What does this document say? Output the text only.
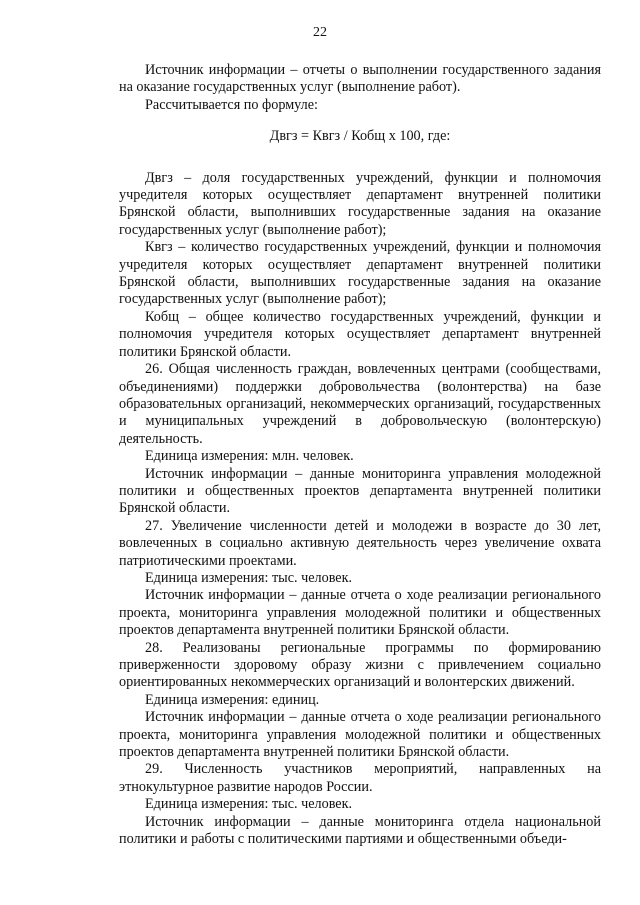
22

Источник информации – отчеты о выполнении государственного задания на оказание государственных услуг (выполнение работ).

Рассчитывается по формуле:

Двгз = Квгз / Кобщ х 100, где:

Двгз – доля государственных учреждений, функции и полномочия учредителя которых осуществляет департамент внутренней политики Брянской области, выполнивших государственные задания на оказание государственных услуг (выполнение работ);

Квгз – количество государственных учреждений, функции и полномочия учредителя которых осуществляет департамент внутренней политики Брянской области, выполнивших государственные задания на оказание государственных услуг (выполнение работ);

Кобщ – общее количество государственных учреждений, функции и полномочия учредителя которых осуществляет департамент внутренней политики Брянской области.

26. Общая численность граждан, вовлеченных центрами (сообществами, объединениями) поддержки добровольчества (волонтерства) на базе образовательных организаций, некоммерческих организаций, государственных и муниципальных учреждений в добровольческую (волонтерскую) деятельность.

Единица измерения: млн. человек.

Источник информации – данные мониторинга управления молодежной политики и общественных проектов департамента внутренней политики Брянской области.

27. Увеличение численности детей и молодежи в возрасте до 30 лет, вовлеченных в социально активную деятельность через увеличение охвата патриотическими проектами.

Единица измерения: тыс. человек.

Источник информации – данные отчета о ходе реализации регионального проекта, мониторинга управления молодежной политики и общественных проектов департамента внутренней политики Брянской области.

28. Реализованы региональные программы по формированию приверженности здоровому образу жизни с привлечением социально ориентированных некоммерческих организаций и волонтерских движений.

Единица измерения: единиц.

Источник информации – данные отчета о ходе реализации регионального проекта, мониторинга управления молодежной политики и общественных проектов департамента внутренней политики Брянской области.

29. Численность участников мероприятий, направленных на этнокультурное развитие народов России.

Единица измерения: тыс. человек.

Источник информации – данные мониторинга отдела национальной политики и работы с политическими партиями и общественными объеди-
